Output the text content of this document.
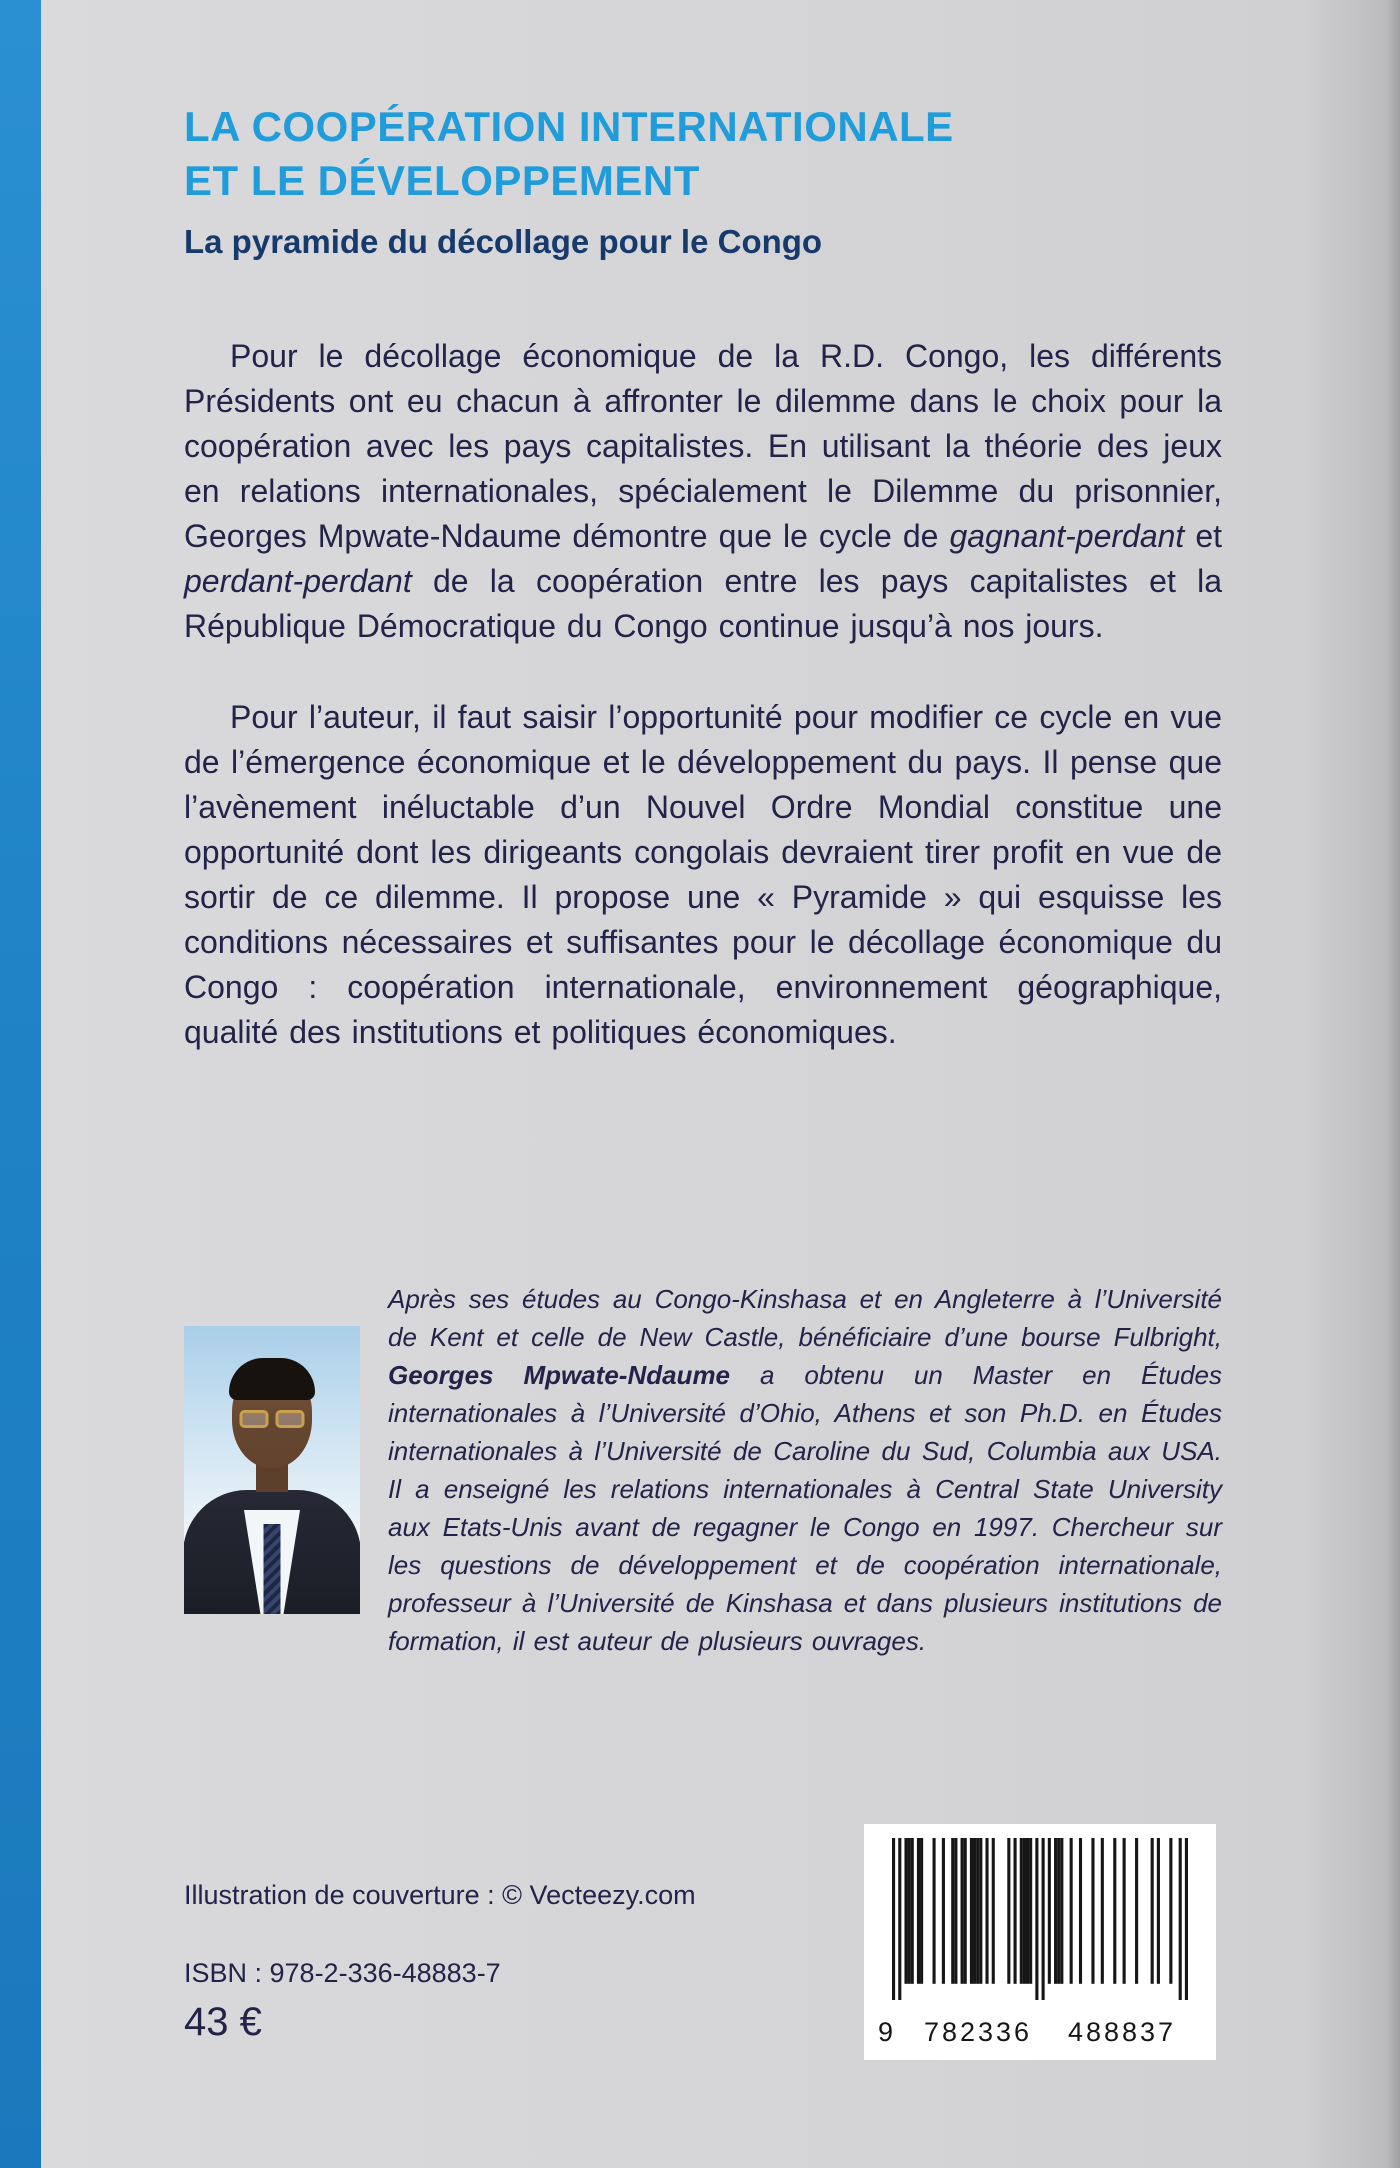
LA COOPÉRATION INTERNATIONALE
ET LE DÉVELOPPEMENT
La pyramide du décollage pour le Congo

Pour le décollage économique de la R.D. Congo, les différents Présidents ont eu chacun à affronter le dilemme dans le choix pour la coopération avec les pays capitalistes. En utilisant la théorie des jeux en relations internationales, spécialement le Dilemme du prisonnier, Georges Mpwate-Ndaume démontre que le cycle de gagnant-perdant et perdant-perdant de la coopération entre les pays capitalistes et la République Démocratique du Congo continue jusqu’à nos jours.

Pour l’auteur, il faut saisir l’opportunité pour modifier ce cycle en vue de l’émergence économique et le développement du pays. Il pense que l’avènement inéluctable d’un Nouvel Ordre Mondial constitue une opportunité dont les dirigeants congolais devraient tirer profit en vue de sortir de ce dilemme. Il propose une « Pyramide » qui esquisse les conditions nécessaires et suffisantes pour le décollage économique du Congo : coopération internationale, environnement géographique, qualité des institutions et politiques économiques.

Après ses études au Congo-Kinshasa et en Angleterre à l’Université de Kent et celle de New Castle, bénéficiaire d’une bourse Fulbright, Georges Mpwate-Ndaume a obtenu un Master en Études internationales à l’Université d’Ohio, Athens et son Ph.D. en Études internationales à l’Université de Caroline du Sud, Columbia aux USA. Il a enseigné les relations internationales à Central State University aux Etats-Unis avant de regagner le Congo en 1997. Chercheur sur les questions de développement et de coopération internationale, professeur à l’Université de Kinshasa et dans plusieurs institutions de formation, il est auteur de plusieurs ouvrages.
Illustration de couverture : © Vecteezy.com
ISBN : 978-2-336-48883-7
43 €	9	782336	488837
